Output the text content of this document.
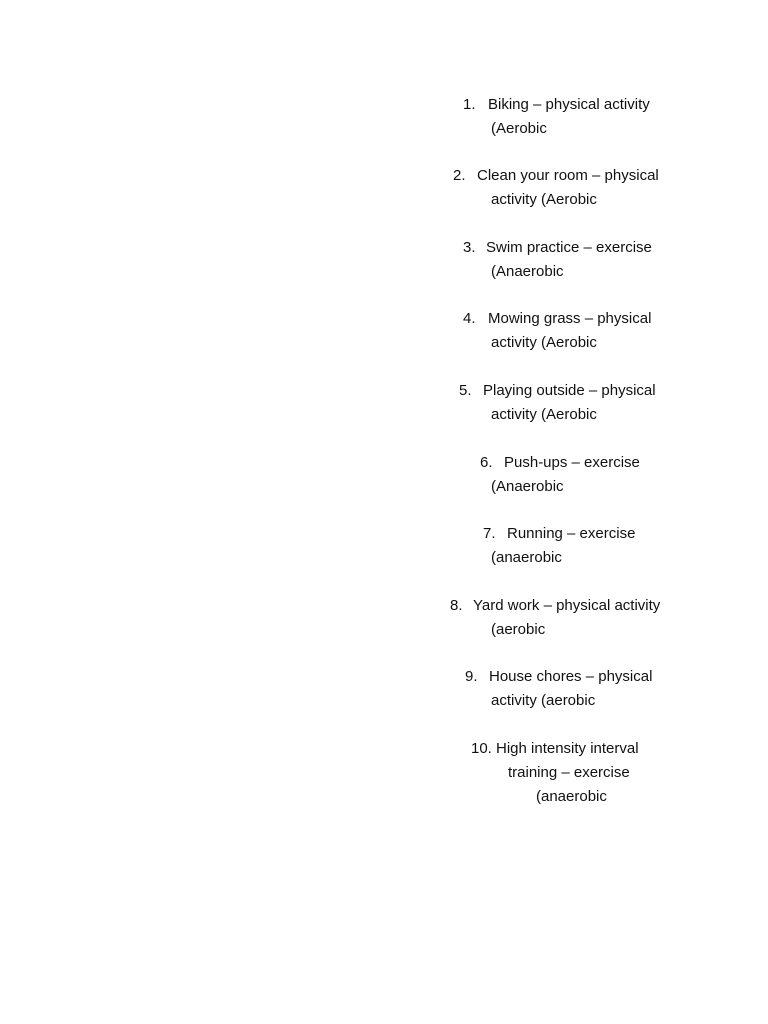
1. Biking – physical activity
(Aerobic
2. Clean your room – physical
activity (Aerobic
3. Swim practice – exercise
(Anaerobic
4. Mowing grass – physical
activity (Aerobic
5. Playing outside – physical
activity (Aerobic
6. Push-ups – exercise
(Anaerobic
7. Running – exercise
(anaerobic
8. Yard work – physical activity
(aerobic
9. House chores – physical
activity (aerobic
10. High intensity interval
training – exercise
(anaerobic
